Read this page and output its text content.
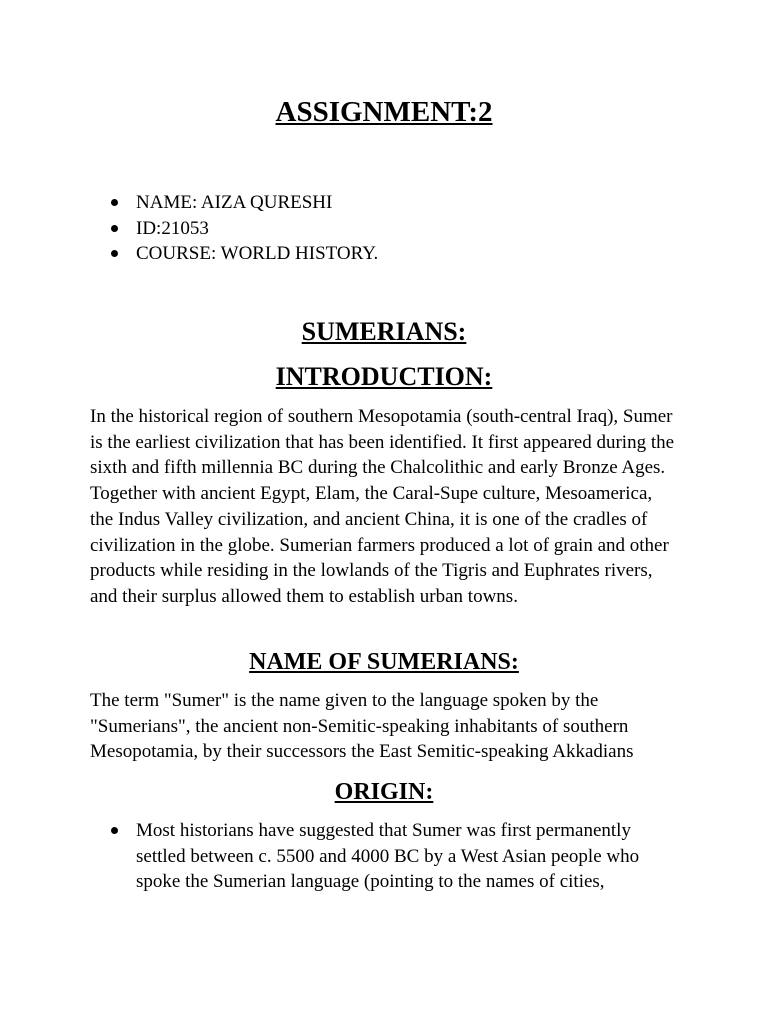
ASSIGNMENT:2
NAME: AIZA QURESHI
ID:21053
COURSE: WORLD HISTORY.
SUMERIANS:
INTRODUCTION:

In the historical region of southern Mesopotamia (south-central Iraq), Sumer is the earliest civilization that has been identified. It first appeared during the sixth and fifth millennia BC during the Chalcolithic and early Bronze Ages. Together with ancient Egypt, Elam, the Caral-Supe culture, Mesoamerica, the Indus Valley civilization, and ancient China, it is one of the cradles of civilization in the globe. Sumerian farmers produced a lot of grain and other products while residing in the lowlands of the Tigris and Euphrates rivers, and their surplus allowed them to establish urban towns.

NAME OF SUMERIANS:

The term "Sumer" is the name given to the language spoken by the "Sumerians", the ancient non-Semitic-speaking inhabitants of southern Mesopotamia, by their successors the East Semitic-speaking Akkadians

ORIGIN:
Most historians have suggested that Sumer was first permanently settled between c. 5500 and 4000 BC by a West Asian people who spoke the Sumerian language (pointing to the names of cities,
